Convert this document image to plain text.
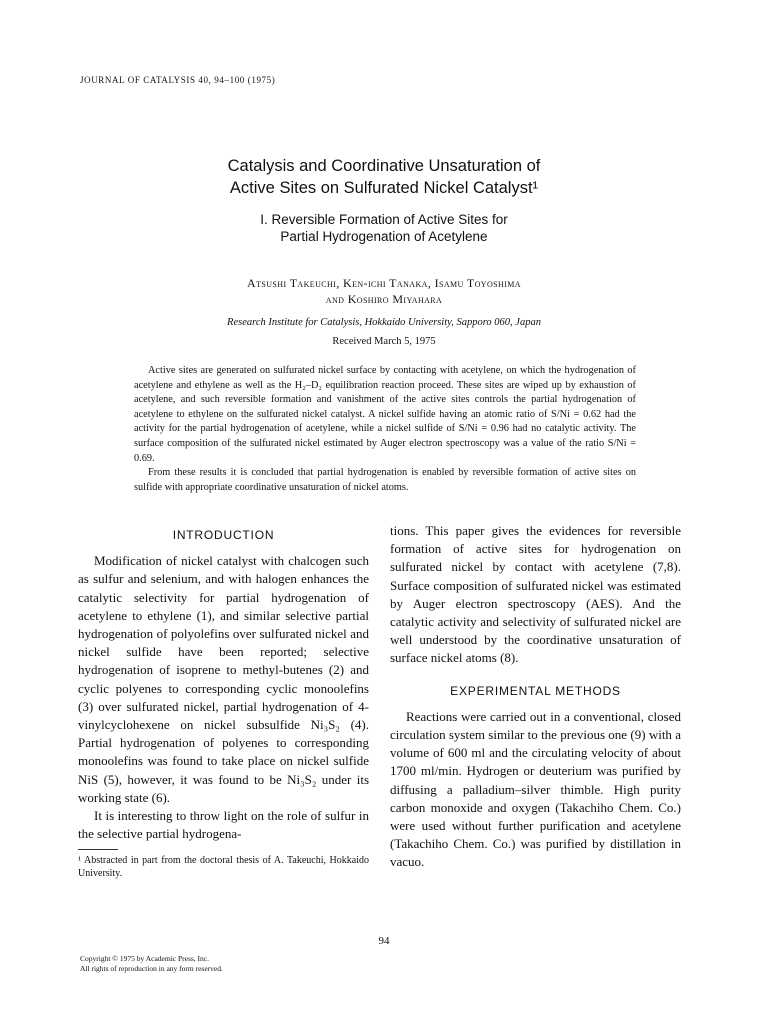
JOURNAL OF CATALYSIS 40, 94–100 (1975)
Catalysis and Coordinative Unsaturation of
Active Sites on Sulfurated Nickel Catalyst¹
I. Reversible Formation of Active Sites for
Partial Hydrogenation of Acetylene
Atsushi Takeuchi, Ken-ichi Tanaka, Isamu Toyoshima
and Koshiro Miyahara
Research Institute for Catalysis, Hokkaido University, Sapporo 060, Japan
Received March 5, 1975

Active sites are generated on sulfurated nickel surface by contacting with acetylene, on which the hydrogenation of acetylene and ethylene as well as the H₂–D₂ equilibration reaction proceed. These sites are wiped up by exhaustion of acetylene, and such reversible formation and vanishment of the active sites controls the partial hydrogenation of acetylene to ethylene on the sulfurated nickel catalyst. A nickel sulfide having an atomic ratio of S/Ni = 0.62 had the activity for the partial hydrogenation of acetylene, while a nickel sulfide of S/Ni = 0.96 had no catalytic activity. The surface composition of the sulfurated nickel estimated by Auger electron spectroscopy was a value of the ratio S/Ni = 0.69.

From these results it is concluded that partial hydrogenation is enabled by reversible formation of active sites on sulfide with appropriate coordinative unsaturation of nickel atoms.

INTRODUCTION

Modification of nickel catalyst with chalcogen such as sulfur and selenium, and with halogen enhances the catalytic selectivity for partial hydrogenation of acetylene to ethylene (1), and similar selective partial hydrogenation of polyolefins over sulfurated nickel and nickel sulfide have been reported; selective hydrogenation of isoprene to methyl-butenes (2) and cyclic polyenes to corresponding cyclic monoolefins (3) over sulfurated nickel, partial hydrogenation of 4-vinylcyclohexene on nickel subsulfide Ni₃S₂ (4). Partial hydrogenation of polyenes to corresponding monoolefins was found to take place on nickel sulfide NiS (5), however, it was found to be Ni₃S₂ under its working state (6).

It is interesting to throw light on the role of sulfur in the selective partial hydrogena-

¹ Abstracted in part from the doctoral thesis of A. Takeuchi, Hokkaido University.

tions. This paper gives the evidences for reversible formation of active sites for hydrogenation on sulfurated nickel by contact with acetylene (7,8). Surface composition of sulfurated nickel was estimated by Auger electron spectroscopy (AES). And the catalytic activity and selectivity of sulfurated nickel are well understood by the coordinative unsaturation of surface nickel atoms (8).

EXPERIMENTAL METHODS

Reactions were carried out in a conventional, closed circulation system similar to the previous one (9) with a volume of 600 ml and the circulating velocity of about 1700 ml/min. Hydrogen or deuterium was purified by diffusing a palladium–silver thimble. High purity carbon monoxide and oxygen (Takachiho Chem. Co.) were used without further purification and acetylene (Takachiho Chem. Co.) was purified by distillation in vacuo.

94
Copyright © 1975 by Academic Press, Inc.
All rights of reproduction in any form reserved.
